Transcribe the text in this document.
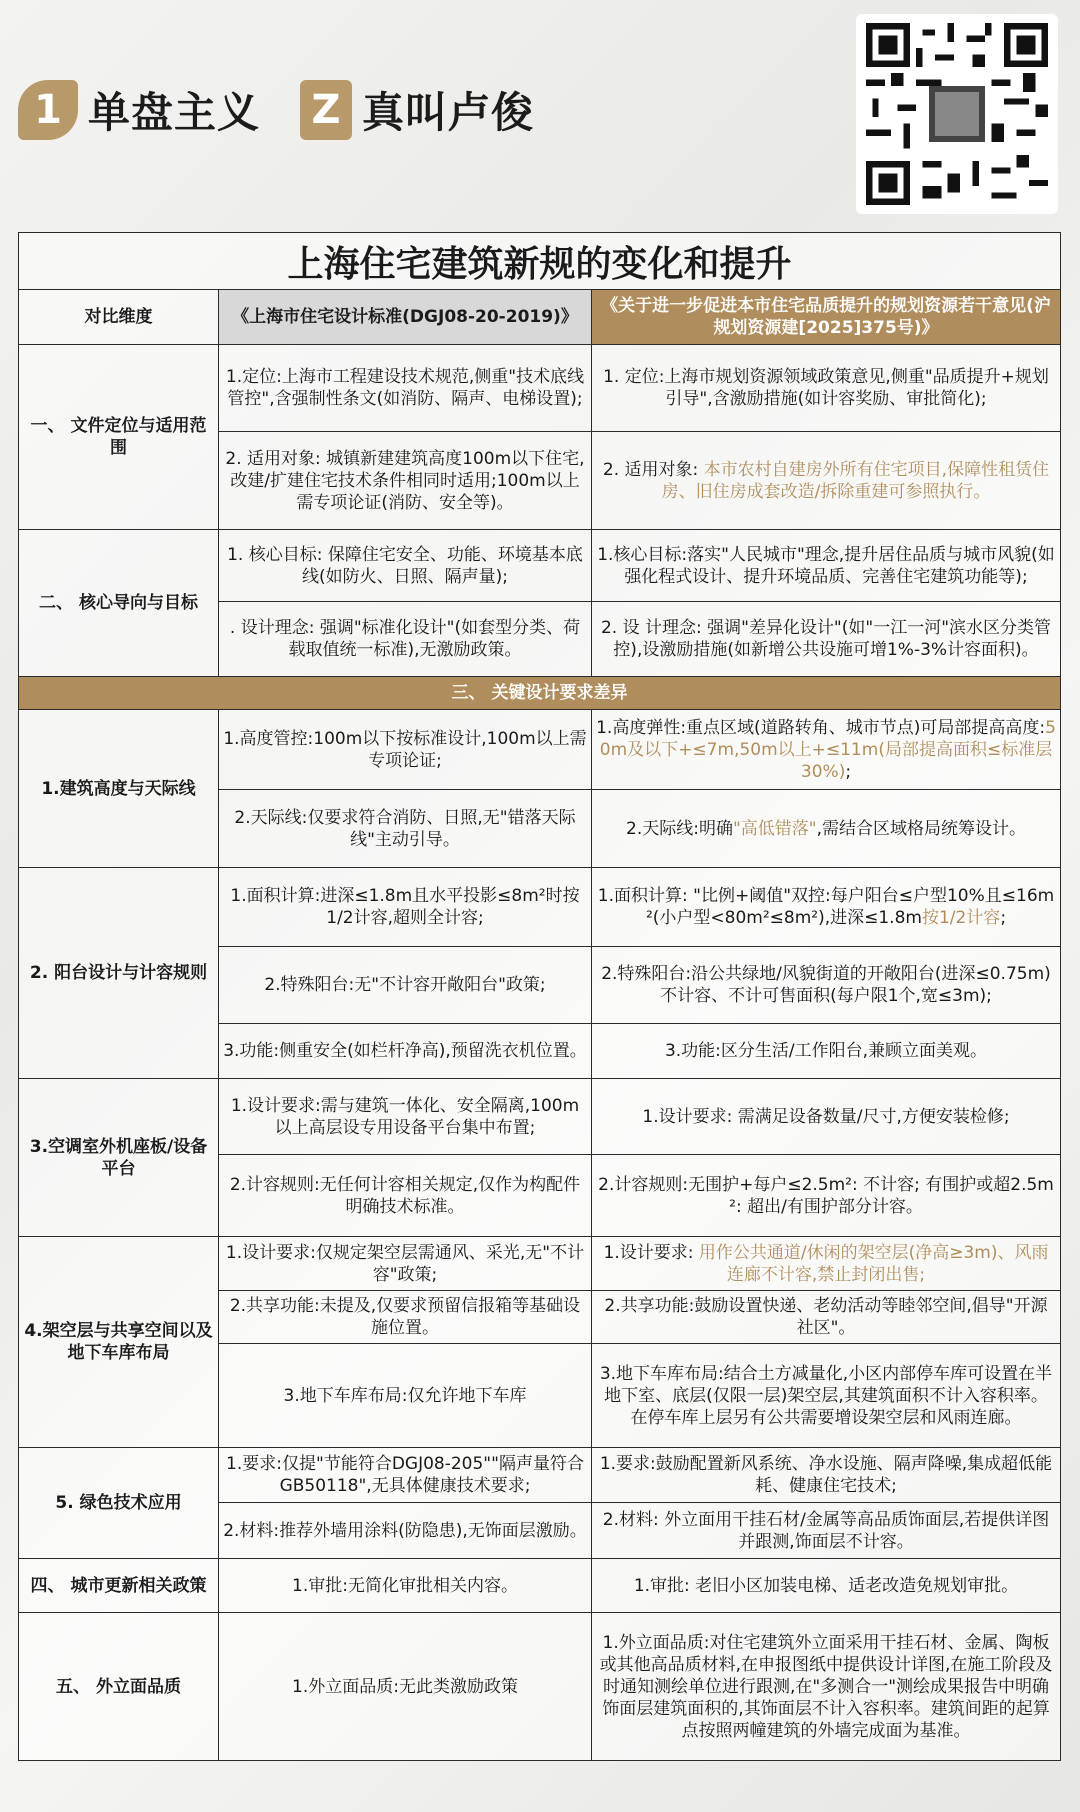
1 单盘主义 Z 真叫卢俊
上海住宅建筑新规的变化和提升		
对比维度	《上海市住宅设计标准(DGJ08-20-2019)》	《关于进一步促进本市住宅品质提升的规划资源若干意见(沪规划资源建[2025]375号)》
一、 文件定位与适用范围	1.定位:上海市工程建设技术规范,侧重"技术底线管控",含强制性条文(如消防、隔声、电梯设置);	1. 定位:上海市规划资源领域政策意见,侧重"品质提升+规划引导",含激励措施(如计容奖励、审批简化);
	2. 适用对象: 城镇新建建筑高度100m以下住宅,改建/扩建住宅技术条件相同时适用;100m以上需专项论证(消防、安全等)。	2. 适用对象: 本市农村自建房外所有住宅项目,保障性租赁住房、旧住房成套改造/拆除重建可参照执行。
二、 核心导向与目标	1. 核心目标: 保障住宅安全、功能、环境基本底线(如防火、日照、隔声量);	1.核心目标:落实"人民城市"理念,提升居住品质与城市风貌(如强化程式设计、提升环境品质、完善住宅建筑功能等);
	. 设计理念: 强调"标准化设计"(如套型分类、荷载取值统一标准),无激励政策。	2. 设 计理念: 强调"差异化设计"(如"一江一河"滨水区分类管控),设激励措施(如新增公共设施可增1%-3%计容面积)。
三、 关键设计要求差异		
1.建筑高度与天际线	1.高度管控:100m以下按标准设计,100m以上需专项论证;	1.高度弹性:重点区域(道路转角、城市节点)可局部提高高度:50m及以下+≤7m,50m以上+≤11m(局部提高面积≤标准层30%);
	2.天际线:仅要求符合消防、日照,无"错落天际线"主动引导。	2.天际线:明确"高低错落",需结合区域格局统筹设计。
2. 阳台设计与计容规则	1.面积计算:进深≤1.8m且水平投影≤8m²时按1/2计容,超则全计容;	1.面积计算: "比例+阈值"双控:每户阳台≤户型10%且≤16m²(小户型<80m²≤8m²),进深≤1.8m按1/2计容;
	2.特殊阳台:无"不计容开敞阳台"政策;	2.特殊阳台:沿公共绿地/风貌街道的开敞阳台(进深≤0.75m)不计容、不计可售面积(每户限1个,宽≤3m);
	3.功能:侧重安全(如栏杆净高),预留洗衣机位置。	3.功能:区分生活/工作阳台,兼顾立面美观。
3.空调室外机座板/设备平台	1.设计要求:需与建筑一体化、安全隔离,100m以上高层设专用设备平台集中布置;	1.设计要求: 需满足设备数量/尺寸,方便安装检修;
	2.计容规则:无任何计容相关规定,仅作为构配件明确技术标准。	2.计容规则:无围护+每户≤2.5m²: 不计容; 有围护或超2.5m²: 超出/有围护部分计容。
4.架空层与共享空间以及地下车库布局	1.设计要求:仅规定架空层需通风、采光,无"不计容"政策;	1.设计要求: 用作公共通道/休闲的架空层(净高≥3m)、风雨连廊不计容,禁止封闭出售;
	2.共享功能:未提及,仅要求预留信报箱等基础设施位置。	2.共享功能:鼓励设置快递、老幼活动等睦邻空间,倡导"开源社区"。
	3.地下车库布局:仅允许地下车库	3.地下车库布局:结合土方减量化,小区内部停车库可设置在半地下室、底层(仅限一层)架空层,其建筑面积不计入容积率。在停车库上层另有公共需要增设架空层和风雨连廊。
5. 绿色技术应用	1.要求:仅提"节能符合DGJ08-205""隔声量符合GB50118",无具体健康技术要求;	1.要求:鼓励配置新风系统、净水设施、隔声降噪,集成超低能耗、健康住宅技术;
	2.材料:推荐外墙用涂料(防隐患),无饰面层激励。	2.材料: 外立面用干挂石材/金属等高品质饰面层,若提供详图并跟测,饰面层不计容。
四、 城市更新相关政策	1.审批:无简化审批相关内容。	1.审批: 老旧小区加装电梯、适老改造免规划审批。
五、 外立面品质	1.外立面品质:无此类激励政策	1.外立面品质:对住宅建筑外立面采用干挂石材、金属、陶板或其他高品质材料,在申报图纸中提供设计详图,在施工阶段及时通知测绘单位进行跟测,在"多测合一"测绘成果报告中明确饰面层建筑面积的,其饰面层不计入容积率。建筑间距的起算点按照两幢建筑的外墙完成面为基准。
